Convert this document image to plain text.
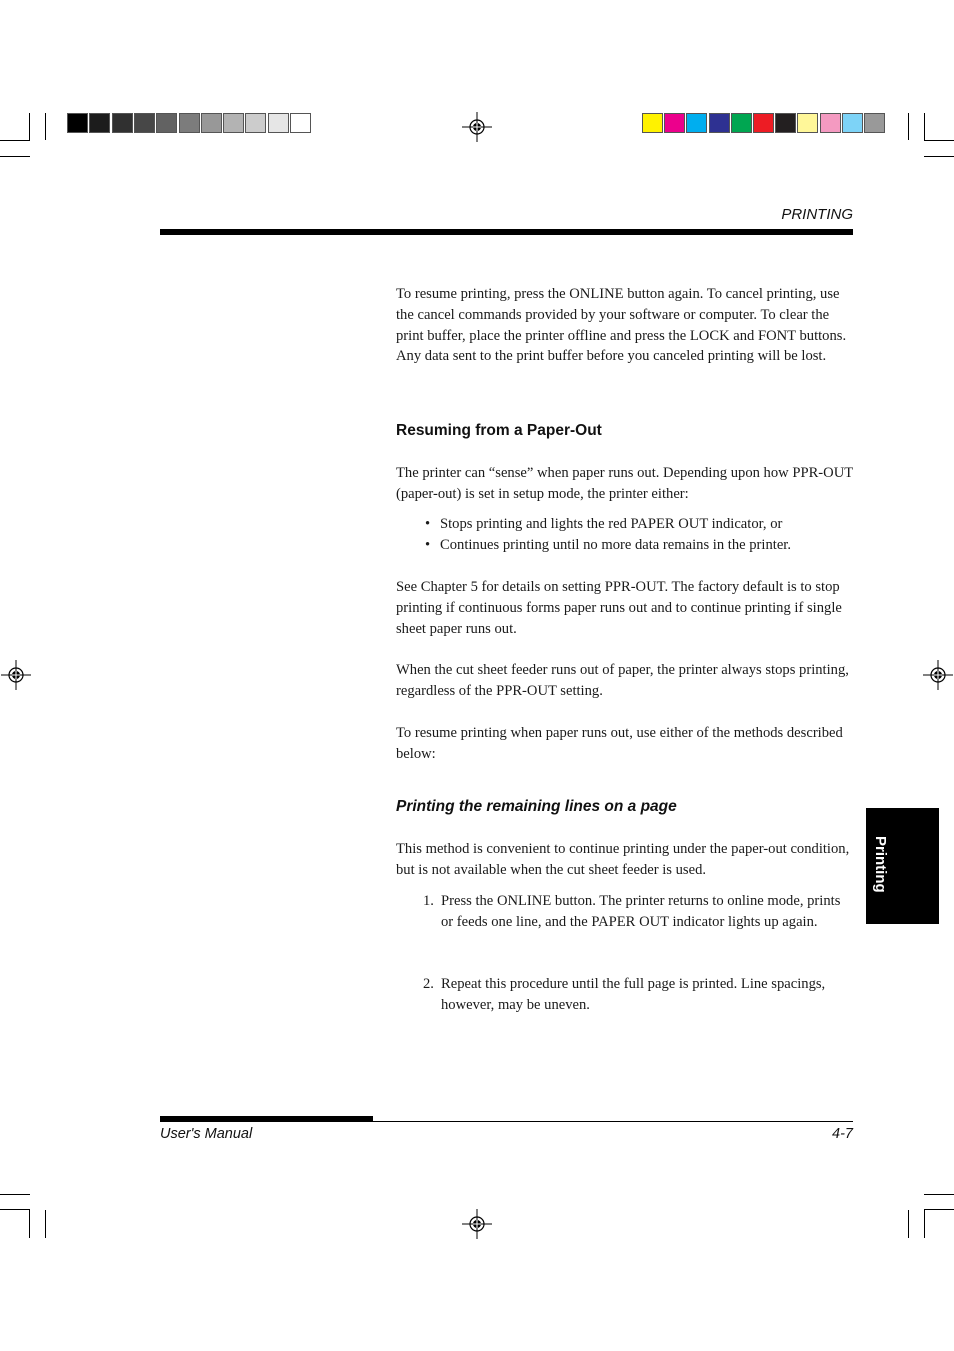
PRINTING
To resume printing, press the ONLINE button again. To cancel printing, use the cancel commands provided by your software or computer. To clear the print buffer, place the printer offline and press the LOCK and FONT buttons. Any data sent to the print buffer before you canceled printing will be lost.
Resuming from a Paper-Out
The printer can “sense” when paper runs out. Depending upon how PPR-OUT (paper-out) is set in setup mode, the printer either:
• Stops printing and lights the red PAPER OUT indicator, or
• Continues printing until no more data remains in the printer.
See Chapter 5 for details on setting PPR-OUT. The factory default is to stop printing if continuous forms paper runs out and to continue printing if single sheet paper runs out.
When the cut sheet feeder runs out of paper, the printer always stops printing, regardless of the PPR-OUT setting.
To resume printing when paper runs out, use either of the methods described below:
Printing the remaining lines on a page
This method is convenient to continue printing under the paper-out condition, but is not available when the cut sheet feeder is used.
1. Press the ONLINE button. The printer returns to online mode, prints or feeds one line, and the PAPER OUT indicator lights up again.
2. Repeat this procedure until the full page is printed. Line spacings, however, may be uneven.
Printing
User's Manual	4-7
